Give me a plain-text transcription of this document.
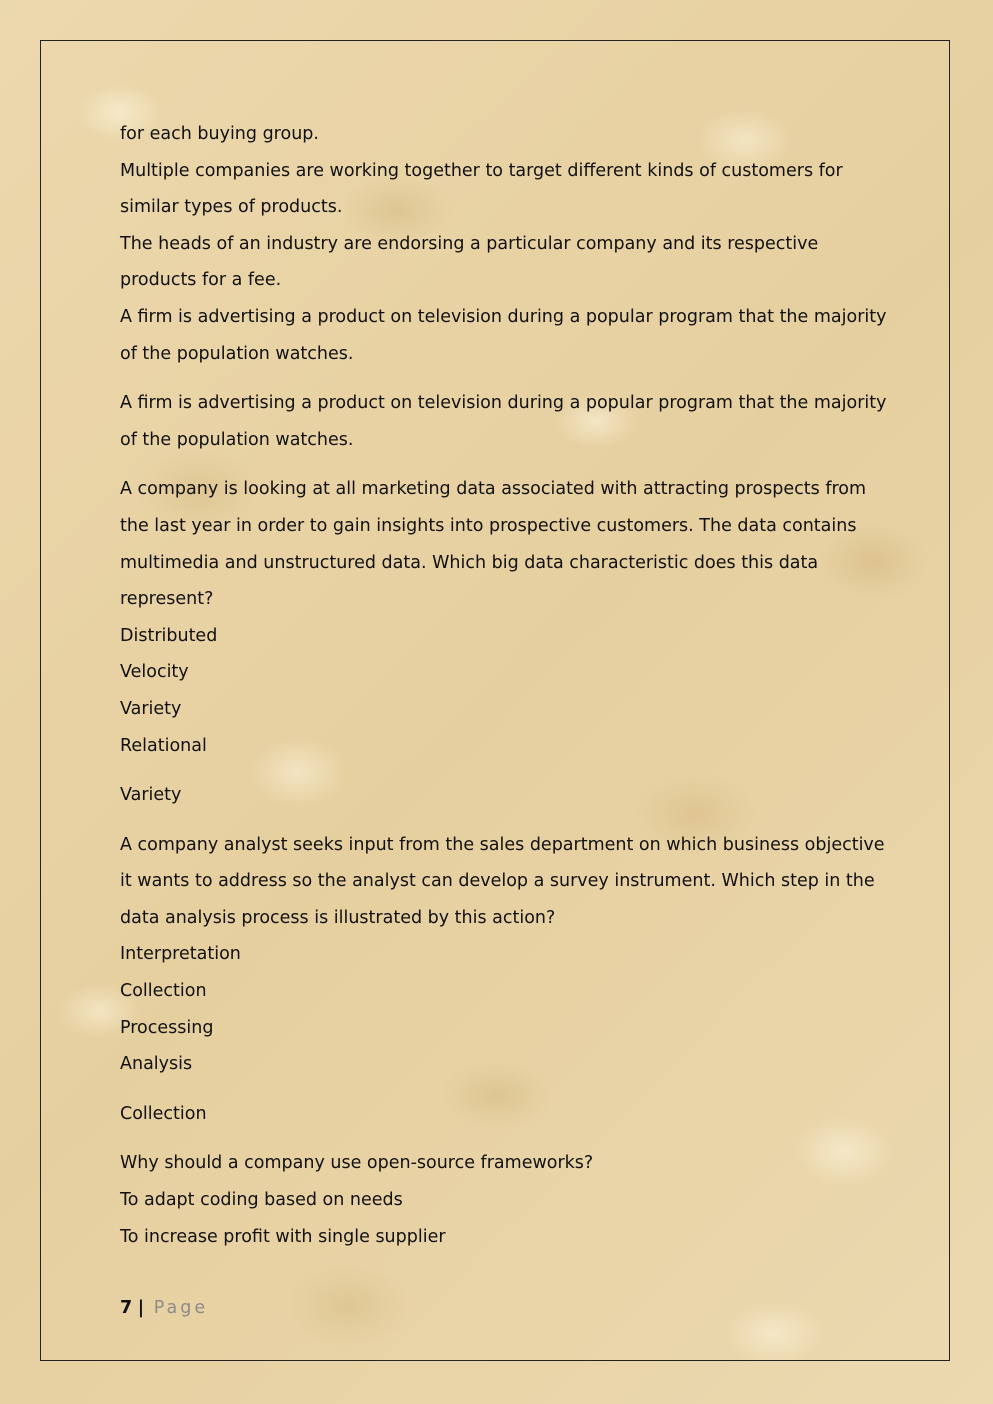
for each buying group.
Multiple companies are working together to target different kinds of customers for
similar types of products.
The heads of an industry are endorsing a particular company and its respective
products for a fee.
A firm is advertising a product on television during a popular program that the majority
of the population watches.
A firm is advertising a product on television during a popular program that the majority
of the population watches.
A company is looking at all marketing data associated with attracting prospects from
the last year in order to gain insights into prospective customers. The data contains
multimedia and unstructured data. Which big data characteristic does this data
represent?
Distributed
Velocity
Variety
Relational
Variety
A company analyst seeks input from the sales department on which business objective
it wants to address so the analyst can develop a survey instrument. Which step in the
data analysis process is illustrated by this action?
Interpretation
Collection
Processing
Analysis
Collection
Why should a company use open-source frameworks?
To adapt coding based on needs
To increase profit with single supplier
7 | Page
